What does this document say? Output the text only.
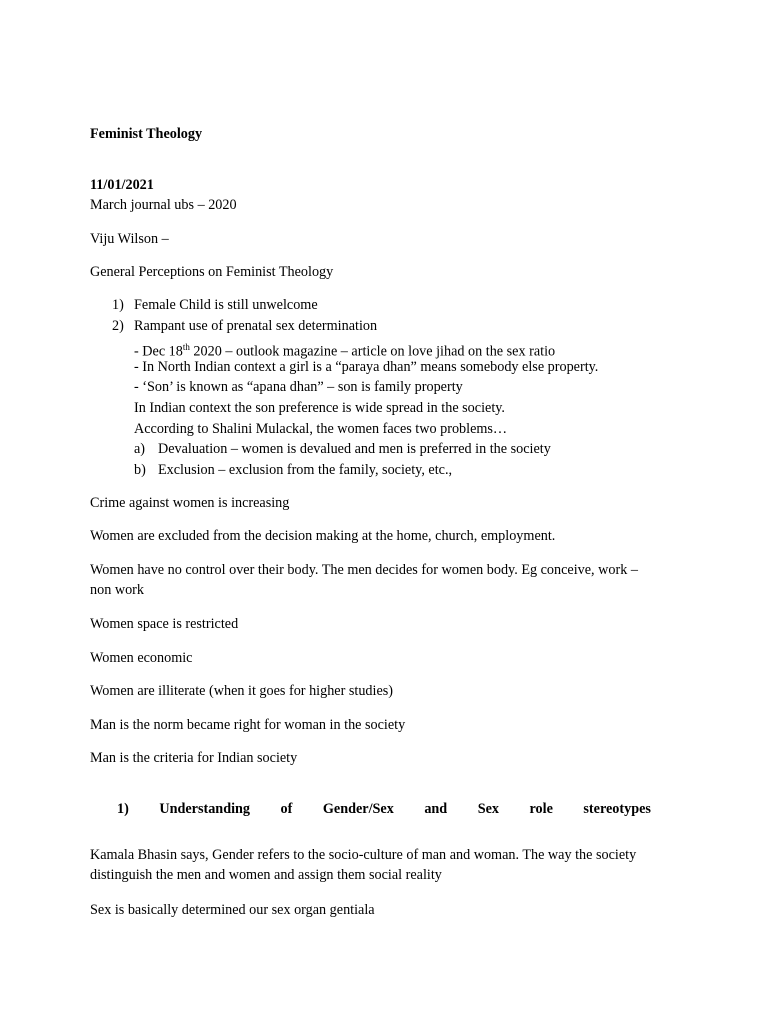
Feminist Theology
11/01/2021
March journal ubs – 2020
Viju Wilson –
General Perceptions on Feminist Theology
1) Female Child is still unwelcome
2) Rampant use of prenatal sex determination
- Dec 18th 2020 – outlook magazine – article on love jihad on the sex ratio
- In North Indian context a girl is a “paraya dhan” means somebody else property.
- ‘Son’ is known as “apana dhan” – son is family property
In Indian context the son preference is wide spread in the society.
According to Shalini Mulackal, the women faces two problems…
a) Devaluation – women is devalued and men is preferred in the society
b) Exclusion – exclusion from the family, society, etc.,
Crime against women is increasing
Women are excluded from the decision making at the home, church, employment.
Women have no control over their body. The men decides for women body. Eg conceive, work –
non work
Women space is restricted
Women economic
Women are illiterate (when it goes for higher studies)
Man is the norm became right for woman in the society
Man is the criteria for Indian society
1) Understanding of Gender/Sex and Sex role stereotypes
Kamala Bhasin says, Gender refers to the socio-culture of man and woman. The way the society
distinguish the men and women and assign them social reality
Sex is basically determined our sex organ gentiala
